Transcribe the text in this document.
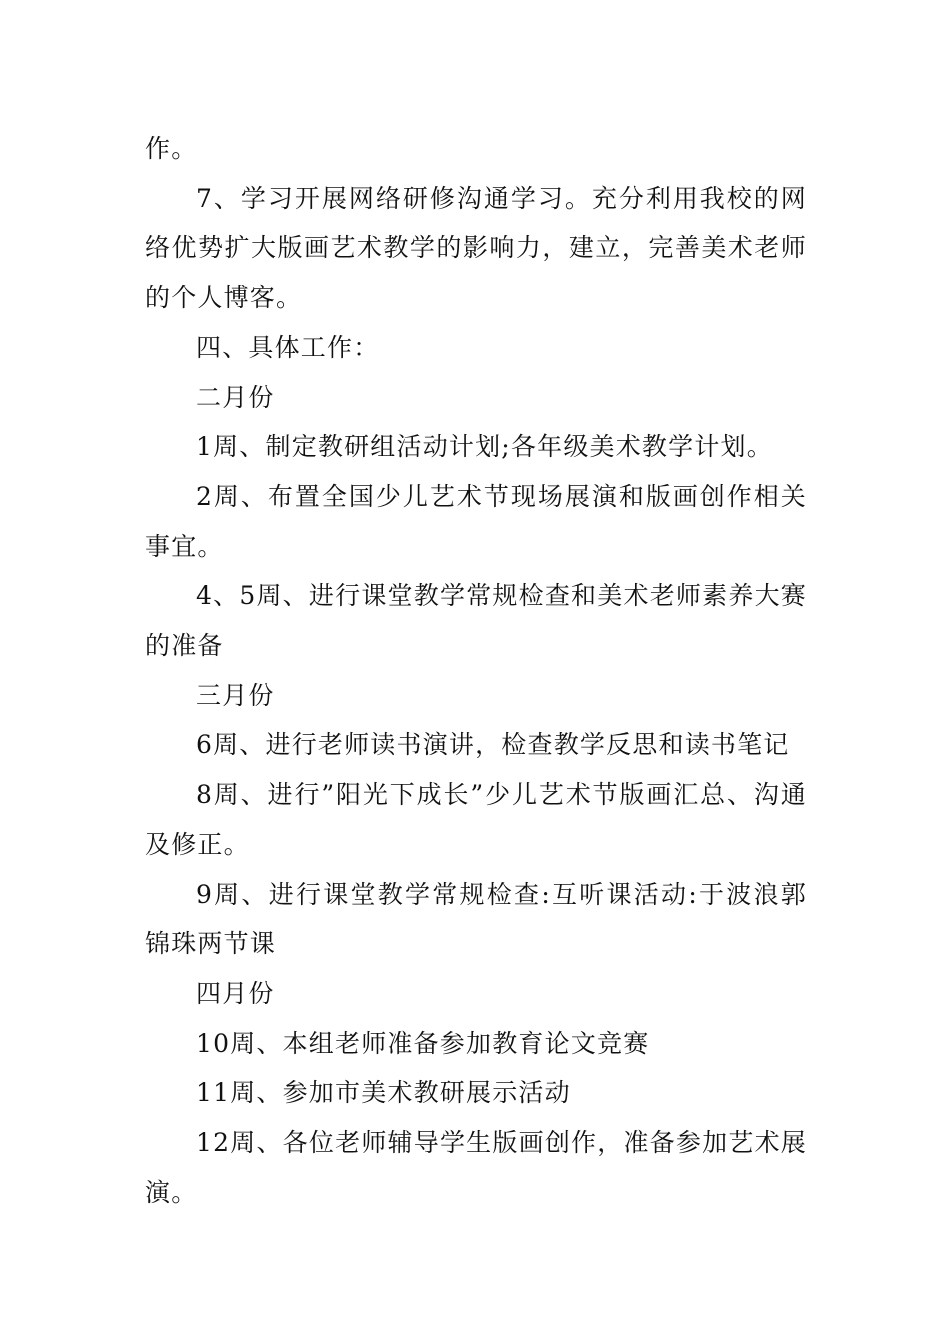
作。

7、学习开展网络研修沟通学习。充分利用我校的网络优势扩大版画艺术教学的影响力，建立，完善美术老师的个人博客。

四、具体工作：

二月份

1周、制定教研组活动计划;各年级美术教学计划。

2周、布置全国少儿艺术节现场展演和版画创作相关事宜。

4、5周、进行课堂教学常规检查和美术老师素养大赛的准备

三月份

6周、进行老师读书演讲，检查教学反思和读书笔记

8周、进行”阳光下成长”少儿艺术节版画汇总、沟通及修正。

9周、进行课堂教学常规检查:互听课活动:于波浪郭锦珠两节课

四月份

10周、本组老师准备参加教育论文竞赛

11周、参加市美术教研展示活动

12周、各位老师辅导学生版画创作，准备参加艺术展演。
